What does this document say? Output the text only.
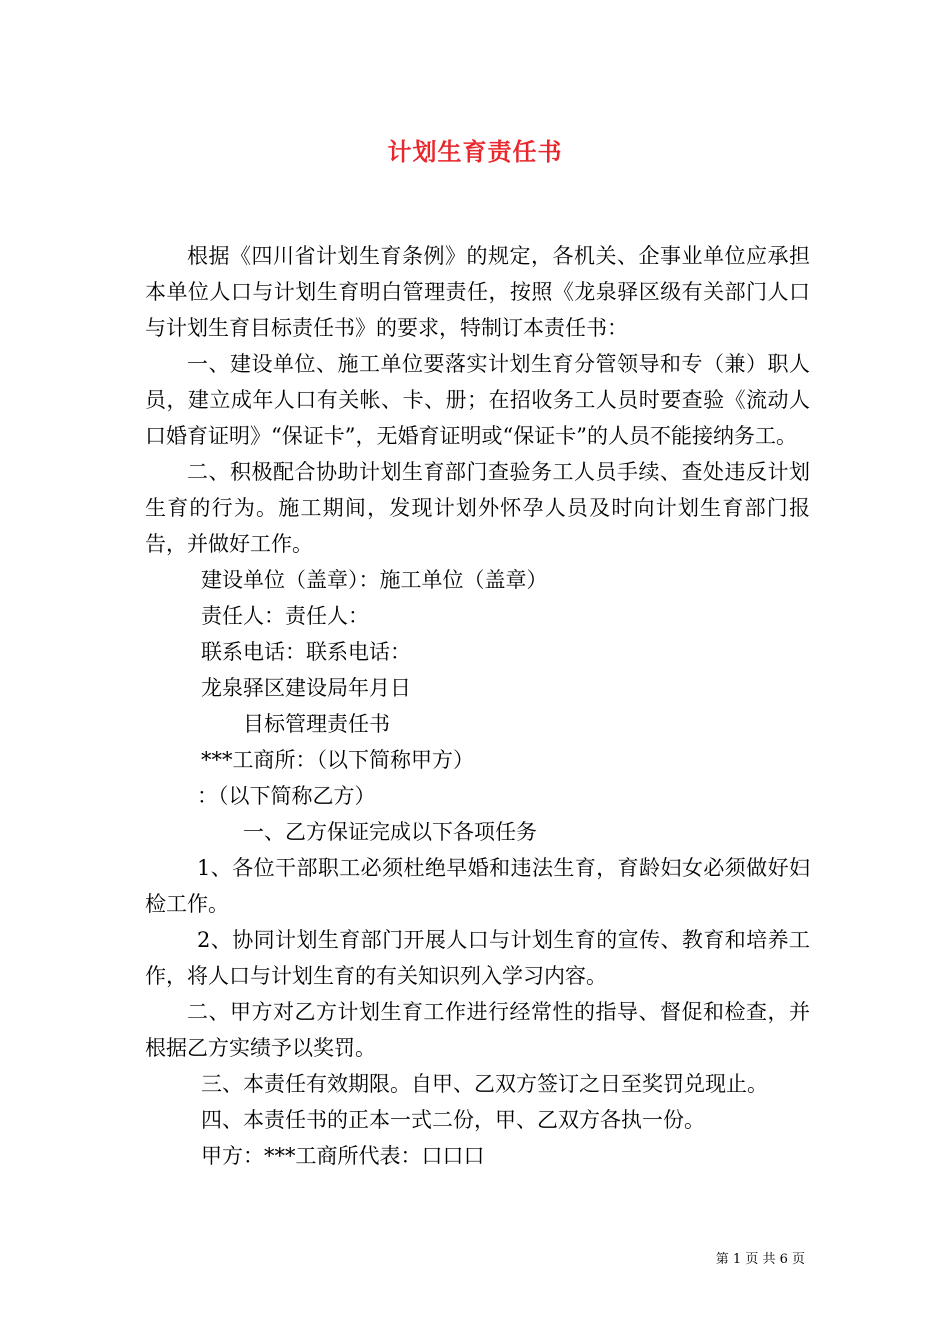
计划生育责任书

根据《四川省计划生育条例》的规定，各机关、企事业单位应承担本单位人口与计划生育明白管理责任，按照《龙泉驿区级有关部门人口与计划生育目标责任书》的要求，特制订本责任书：

一、建设单位、施工单位要落实计划生育分管领导和专（兼）职人员，建立成年人口有关帐、卡、册；在招收务工人员时要查验《流动人口婚育证明》“保证卡”，无婚育证明或“保证卡”的人员不能接纳务工。

二、积极配合协助计划生育部门查验务工人员手续、查处违反计划生育的行为。施工期间，发现计划外怀孕人员及时向计划生育部门报告，并做好工作。

建设单位（盖章）：施工单位（盖章）

责任人：责任人：

联系电话：联系电话：

龙泉驿区建设局年月日

目标管理责任书

***工商所：（以下简称甲方）

：（以下简称乙方）

一、乙方保证完成以下各项任务

1、各位干部职工必须杜绝早婚和违法生育，育龄妇女必须做好妇检工作。

2、协同计划生育部门开展人口与计划生育的宣传、教育和培养工作，将人口与计划生育的有关知识列入学习内容。

二、甲方对乙方计划生育工作进行经常性的指导、督促和检查，并根据乙方实绩予以奖罚。

三、本责任有效期限。自甲、乙双方签订之日至奖罚兑现止。

四、本责任书的正本一式二份，甲、乙双方各执一份。

甲方：***工商所代表：口口口

第 1 页 共 6 页
